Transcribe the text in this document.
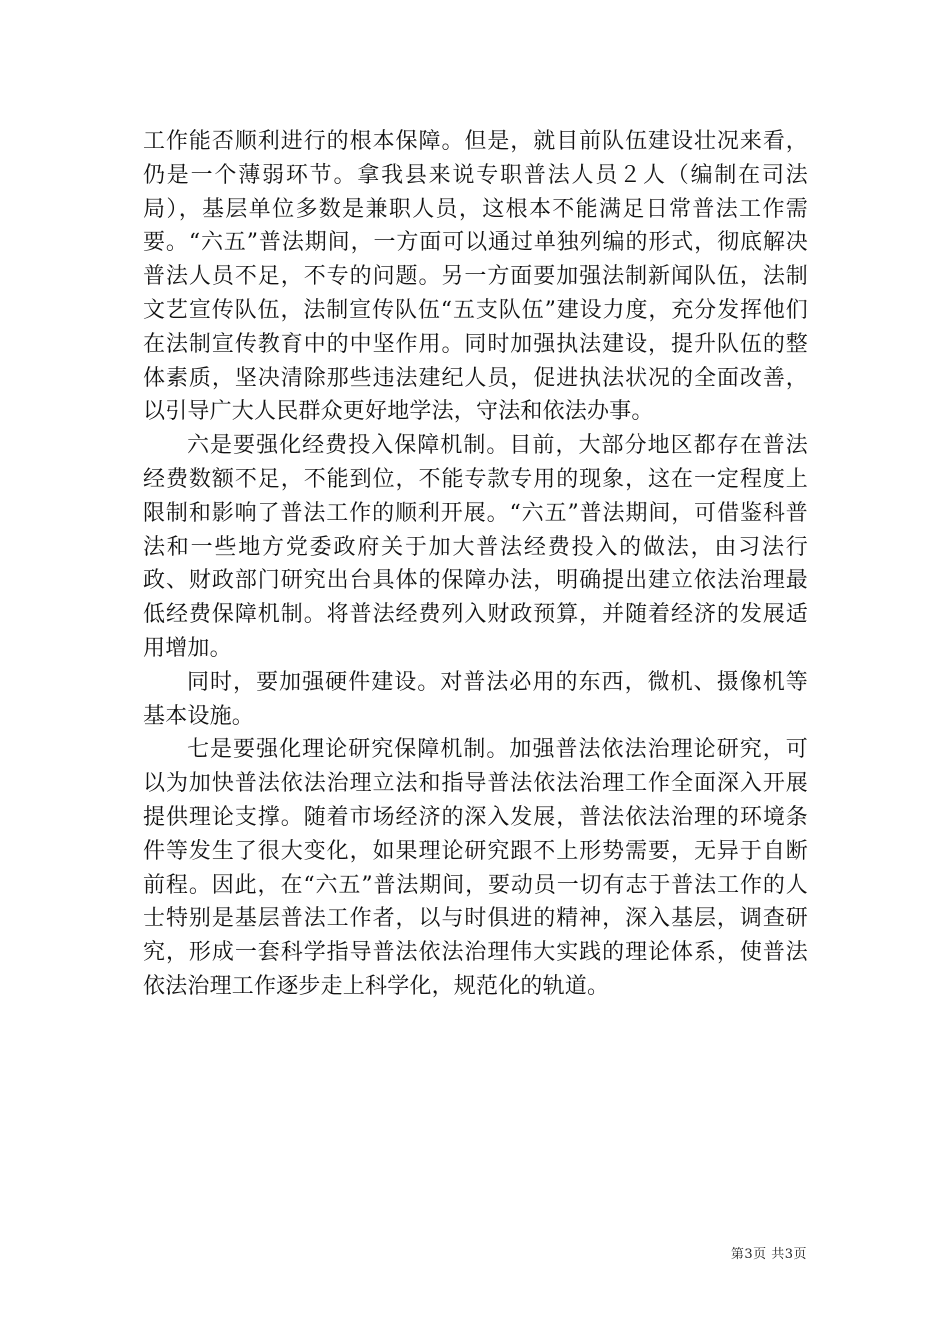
工作能否顺利进行的根本保障。但是，就目前队伍建设壮况来看，仍是一个薄弱环节。拿我县来说专职普法人员２人（编制在司法局），基层单位多数是兼职人员，这根本不能满足日常普法工作需要。“六五”普法期间，一方面可以通过单独列编的形式，彻底解决普法人员不足，不专的问题。另一方面要加强法制新闻队伍，法制文艺宣传队伍，法制宣传队伍“五支队伍”建设力度，充分发挥他们在法制宣传教育中的中坚作用。同时加强执法建设，提升队伍的整体素质，坚决清除那些违法建纪人员，促进执法状况的全面改善，以引导广大人民群众更好地学法，守法和依法办事。

六是要强化经费投入保障机制。目前，大部分地区都存在普法经费数额不足，不能到位，不能专款专用的现象，这在一定程度上限制和影响了普法工作的顺利开展。“六五”普法期间，可借鉴科普法和一些地方党委政府关于加大普法经费投入的做法，由习法行政、财政部门研究出台具体的保障办法，明确提出建立依法治理最低经费保障机制。将普法经费列入财政预算，并随着经济的发展适用增加。

同时，要加强硬件建设。对普法必用的东西，微机、摄像机等基本设施。

七是要强化理论研究保障机制。加强普法依法治理论研究，可以为加快普法依法治理立法和指导普法依法治理工作全面深入开展提供理论支撑。随着市场经济的深入发展，普法依法治理的环境条件等发生了很大变化，如果理论研究跟不上形势需要，无异于自断前程。因此，在“六五”普法期间，要动员一切有志于普法工作的人士特别是基层普法工作者，以与时俱进的精神，深入基层，调查研究，形成一套科学指导普法依法治理伟大实践的理论体系，使普法依法治理工作逐步走上科学化，规范化的轨道。

第3页 共3页
